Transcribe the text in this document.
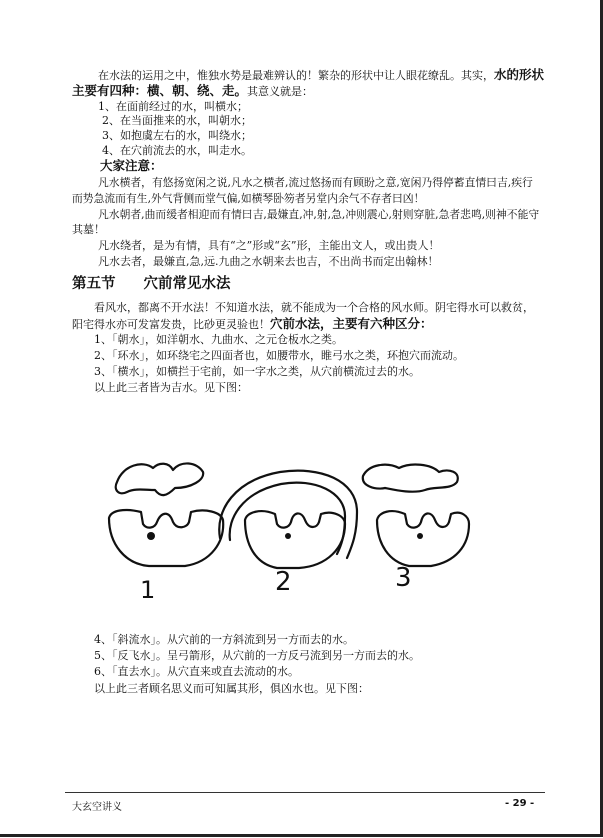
在水法的运用之中，惟独水势是最难辨认的！繁杂的形状中让人眼花缭乱。其实，水的形状
主要有四种：横、朝、绕、走。其意义就是：
1、在面前经过的水，叫横水；
2、在当面推来的水，叫朝水；
3、如抱虞左右的水，叫绕水；
4、在穴前流去的水，叫走水。
大家注意：
凡水横者，有悠扬宽闲之说,凡水之横者,流过悠扬而有顾盼之意,宽闲乃得停蓄直情曰吉,疾行
而势急流而有生,外气背侧而堂气偏,如横琴卧笏者另堂内余气不存者曰凶！
凡水朝者,曲而缓者相迎而有情曰吉,最嫌直,冲,射,急,冲则震心,射则穿脏,急者悲鸣,则神不能守
其墓！
凡水绕者，是为有情，具有“之”形或“玄”形，主能出文人，或出贵人！
凡水去者，最嫌直,急,远.九曲之水朝来去也吉，不出尚书而定出翰林！
第五节 穴前常见水法
看风水，都离不开水法！不知道水法，就不能成为一个合格的风水师。阴宅得水可以救贫，
阳宅得水亦可发富发贵，比砂更灵验也！穴前水法，主要有六种区分：
1、「朝水」，如洋朝水、九曲水、之元仓板水之类。
2、「环水」，如环绕宅之四面者也，如腰带水，睢弓水之类，环抱穴而流动。
3、「横水」，如横拦于宅前，如一字水之类，从穴前横流过去的水。
以上此三者皆为吉水。见下图：
1	2	3
4、「斜流水」。从穴前的一方斜流到另一方而去的水。
5、「反飞水」。呈弓箭形，从穴前的一方反弓流到另一方而去的水。
6、「直去水」。从穴直来或直去流动的水。
以上此三者顾名思义而可知属其形，俱凶水也。见下图：
大玄空讲义	- 29 -
